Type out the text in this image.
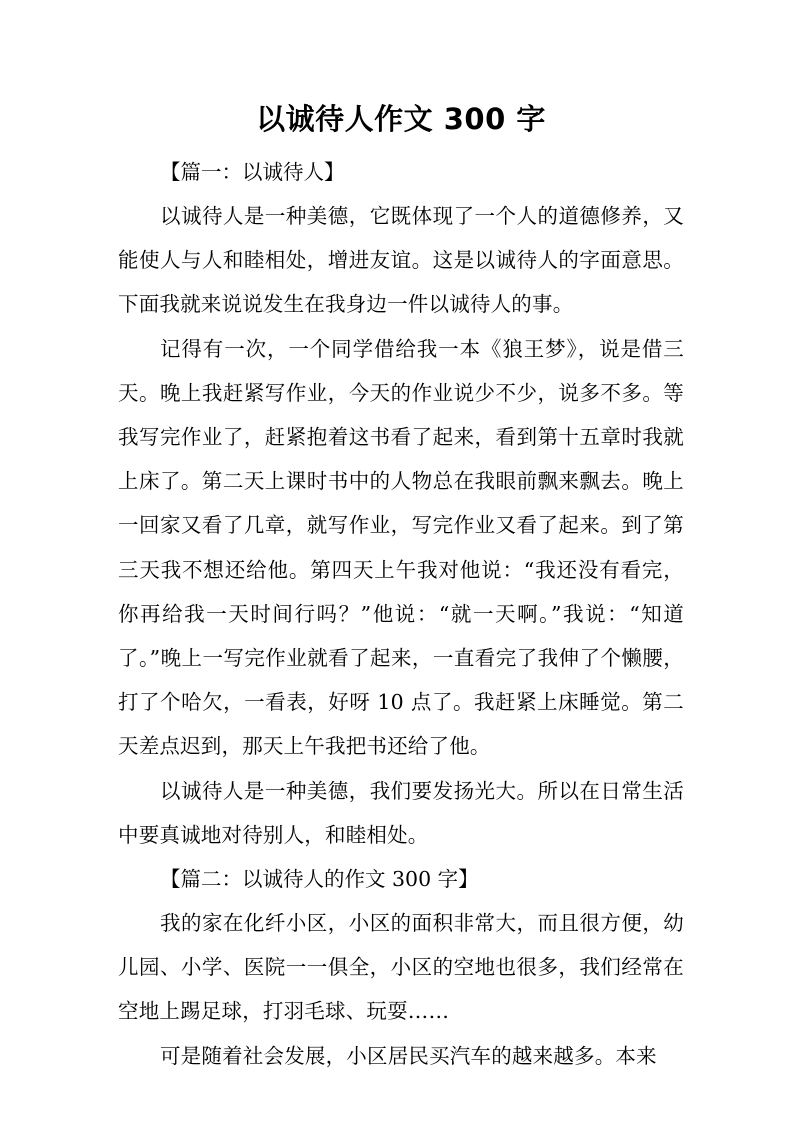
以诚待人作文 300 字

【篇一：以诚待人】

以诚待人是一种美德，它既体现了一个人的道德修养，又能使人与人和睦相处，增进友谊。这是以诚待人的字面意思。下面我就来说说发生在我身边一件以诚待人的事。

记得有一次，一个同学借给我一本《狼王梦》，说是借三天。晚上我赶紧写作业，今天的作业说少不少，说多不多。等我写完作业了，赶紧抱着这书看了起来，看到第十五章时我就上床了。第二天上课时书中的人物总在我眼前飘来飘去。晚上一回家又看了几章，就写作业，写完作业又看了起来。到了第三天我不想还给他。第四天上午我对他说：“我还没有看完，你再给我一天时间行吗？”他说：“就一天啊。”我说：“知道了。”晚上一写完作业就看了起来，一直看完了我伸了个懒腰，打了个哈欠，一看表，好呀 10 点了。我赶紧上床睡觉。第二天差点迟到，那天上午我把书还给了他。

以诚待人是一种美德，我们要发扬光大。所以在日常生活中要真诚地对待别人，和睦相处。

【篇二：以诚待人的作文 300 字】

我的家在化纤小区，小区的面积非常大，而且很方便，幼儿园、小学、医院一一俱全，小区的空地也很多，我们经常在空地上踢足球，打羽毛球、玩耍……

可是随着社会发展，小区居民买汽车的越来越多。本来
